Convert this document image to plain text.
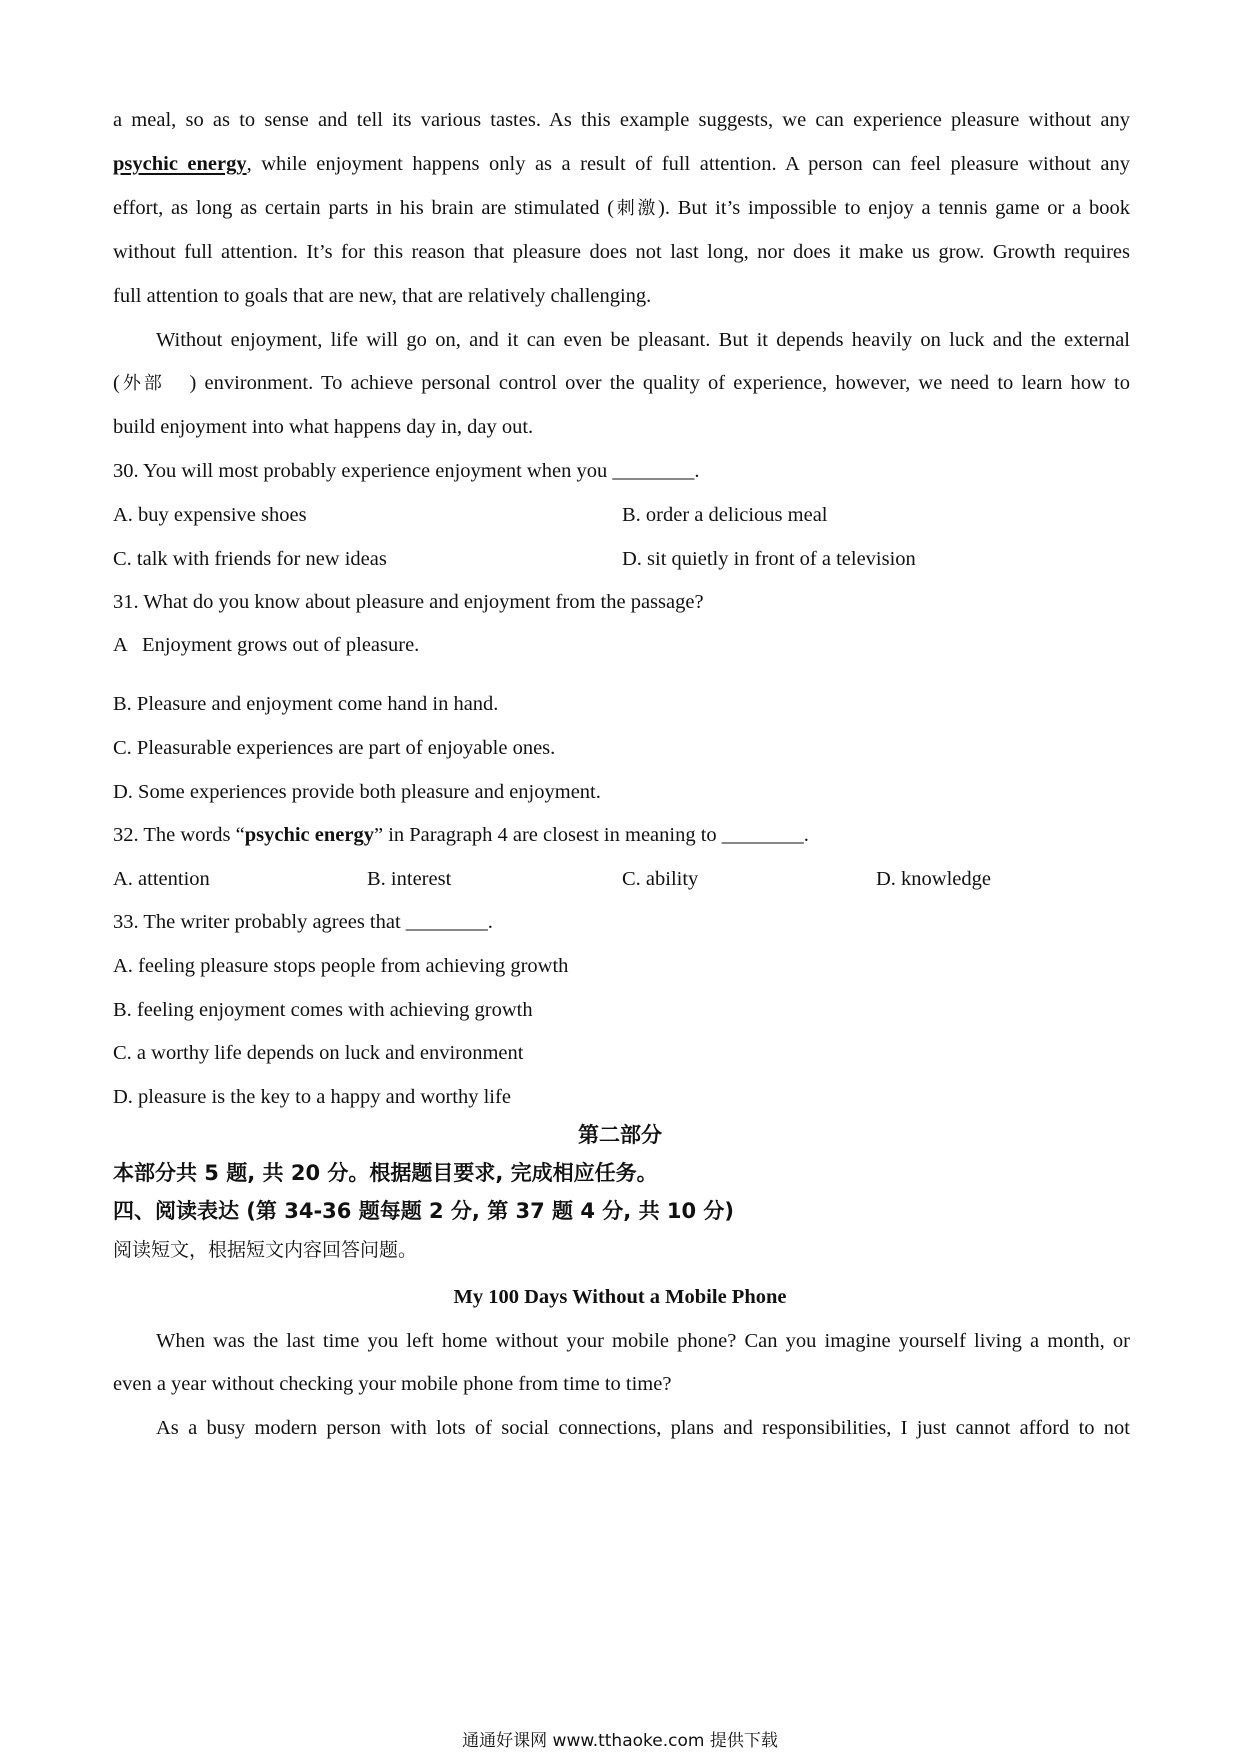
a meal, so as to sense and tell its various tastes. As this example suggests, we can experience pleasure without any
psychic energy, while enjoyment happens only as a result of full attention. A person can feel pleasure without any
effort, as long as certain parts in his brain are stimulated (刺激). But it’s impossible to enjoy a tennis game or a book
without full attention. It’s for this reason that pleasure does not last long, nor does it make us grow. Growth requires
full attention to goals that are new, that are relatively challenging.
Without enjoyment, life will go on, and it can even be pleasant. But it depends heavily on luck and the external
(外部   ) environment. To achieve personal control over the quality of experience, however, we need to learn how to
build enjoyment into what happens day in, day out.
30. You will most probably experience enjoyment when you ________.
A. buy expensive shoes	B. order a delicious meal
C. talk with friends for new ideas	D. sit quietly in front of a television
31. What do you know about pleasure and enjoyment from the passage?
A   Enjoyment grows out of pleasure.
B. Pleasure and enjoyment come hand in hand.
C. Pleasurable experiences are part of enjoyable ones.
D. Some experiences provide both pleasure and enjoyment.
32. The words “psychic energy” in Paragraph 4 are closest in meaning to ________.
A. attention	B. interest	C. ability	D. knowledge
33. The writer probably agrees that ________.
A. feeling pleasure stops people from achieving growth
B. feeling enjoyment comes with achieving growth
C. a worthy life depends on luck and environment
D. pleasure is the key to a happy and worthy life
第二部分
本部分共 5 题, 共 20 分。根据题目要求, 完成相应任务。
四、阅读表达 (第 34-36 题每题 2 分, 第 37 题 4 分, 共 10 分)
阅读短文，根据短文内容回答问题。
My 100 Days Without a Mobile Phone
When was the last time you left home without your mobile phone? Can you imagine yourself living a month, or
even a year without checking your mobile phone from time to time?
As a busy modern person with lots of social connections, plans and responsibilities, I just cannot afford to not
通通好课网 www.tthaoke.com 提供下载
